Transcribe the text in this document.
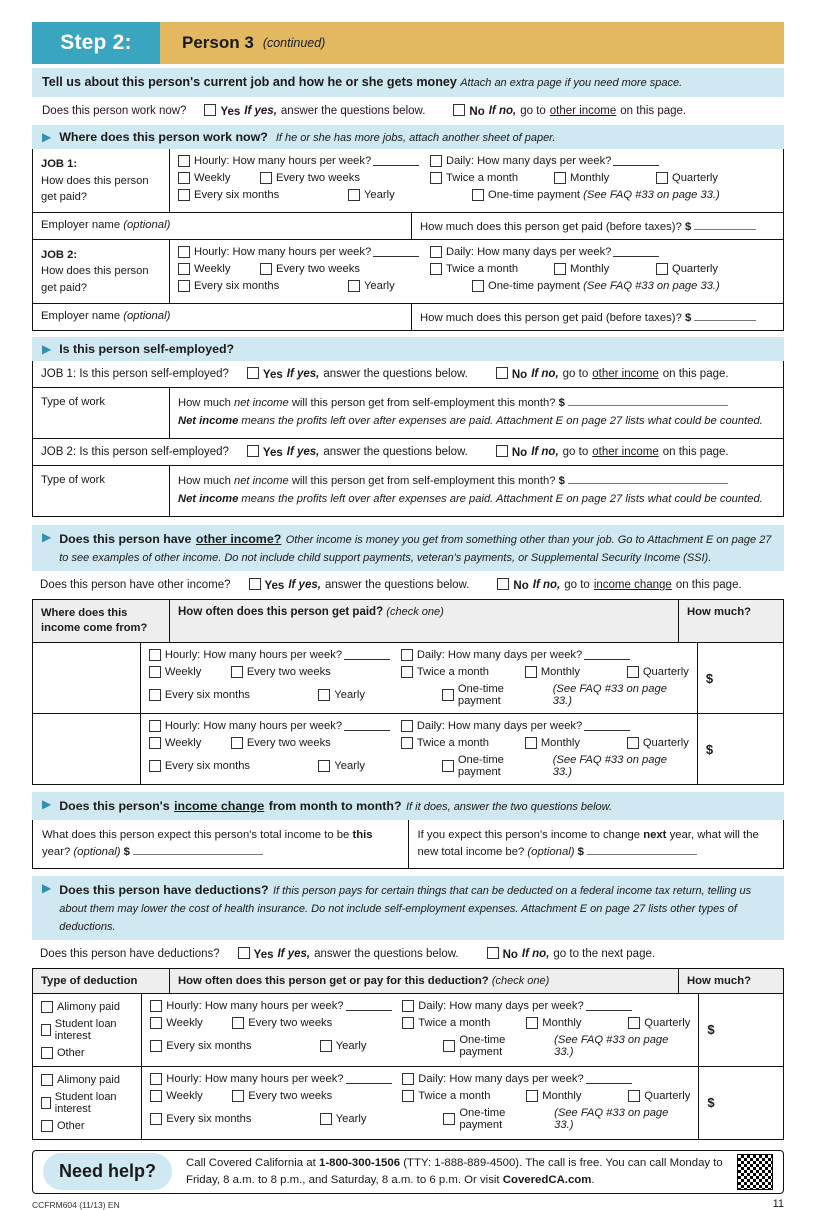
Step 2:	Person 3 (continued)
Tell us about this person's current job and how he or she gets money Attach an extra page if you need more space.
Does this person work now?	Yes If yes, answer the questions below.	No If no, go to other income on this page.
▶ Where does this person work now? If he or she has more jobs, attach another sheet of paper.
JOB 1:
How does this person get paid?
Hourly: How many hours per week?	Daily: How many days per week?
Weekly	Every two weeks	Twice a month	Monthly	Quarterly
Every six months	Yearly	One-time payment
(See FAQ #33 on page 33.)
Employer name (optional)	How much does this person get paid (before taxes)? $
JOB 2:
How does this person get paid?
Hourly: How many hours per week?	Daily: How many days per week?
Weekly	Every two weeks	Twice a month	Monthly	Quarterly
Every six months	Yearly	One-time payment
(See FAQ #33 on page 33.)
Employer name (optional)	How much does this person get paid (before taxes)? $
▶ Is this person self-employed?
JOB 1: Is this person self-employed?	Yes If yes, answer the questions below.	No If no, go to other income on this page.
Type of work	How much net income will this person get from self-employment this month? $
Net income means the profits left over after expenses are paid. Attachment E on page 27 lists what could be counted.
JOB 2: Is this person self-employed?	Yes If yes, answer the questions below.	No If no, go to other income on this page.
Type of work	How much net income will this person get from self-employment this month? $
Net income means the profits left over after expenses are paid. Attachment E on page 27 lists what could be counted.
▶ Does this person have other income? Other income is money you get from something other than your job. Go to Attachment E on page 27 to see examples of other income. Do not include child support payments, veteran's payments, or Supplemental Security Income (SSI).
Does this person have other income?	Yes If yes, answer the questions below.	No If no, go to income change on this page.
Where does this income come from?
How often does this person get paid? (check one)	How much?
Hourly: How many hours per week?	Daily: How many days per week?
Weekly	Every two weeks	Twice a month	Monthly	Quarterly
Every six months	Yearly	One-time payment

(See FAQ #33 on page 33.)
$
Hourly: How many hours per week?	Daily: How many days per week?
Weekly	Every two weeks	Twice a month	Monthly	Quarterly
Every six months	Yearly	One-time payment

(See FAQ #33 on page 33.)
$
▶ Does this person's income change from month to month? If it does, answer the two questions below.
What does this person expect this person's total income to be this year? (optional) $
If you expect this person's income to change next year, what will the new total income be? (optional) $
▶ Does this person have deductions? If this person pays for certain things that can be deducted on a federal income tax return, telling us about them may lower the cost of health insurance. Do not include self-employment expenses. Attachment E on page 27 lists other types of deductions.
Does this person have deductions?	Yes If yes, answer the questions below.	No If no, go to the next page.
Type of deduction	How often does this person get or pay for this deduction? (check one)	How much?
Alimony paid
Student loan interest
Other
Hourly: How many hours per week?	Daily: How many days per week?
Weekly	Every two weeks	Twice a month	Monthly	Quarterly
Every six months	Yearly	One-time payment

(See FAQ #33 on page 33.)
$
Alimony paid
Student loan interest
Other
Hourly: How many hours per week?	Daily: How many days per week?
Weekly	Every two weeks	Twice a month	Monthly	Quarterly
Every six months	Yearly	One-time payment

(See FAQ #33 on page 33.)
$
Need help?	Call Covered California at 1-800-300-1506 (TTY: 1-888-889-4500). The call is free. You can call Monday to Friday, 8 a.m. to 8 p.m., and Saturday, 8 a.m. to 6 p.m. Or visit CoveredCA.com.
CCFRM604 (11/13) EN	11
